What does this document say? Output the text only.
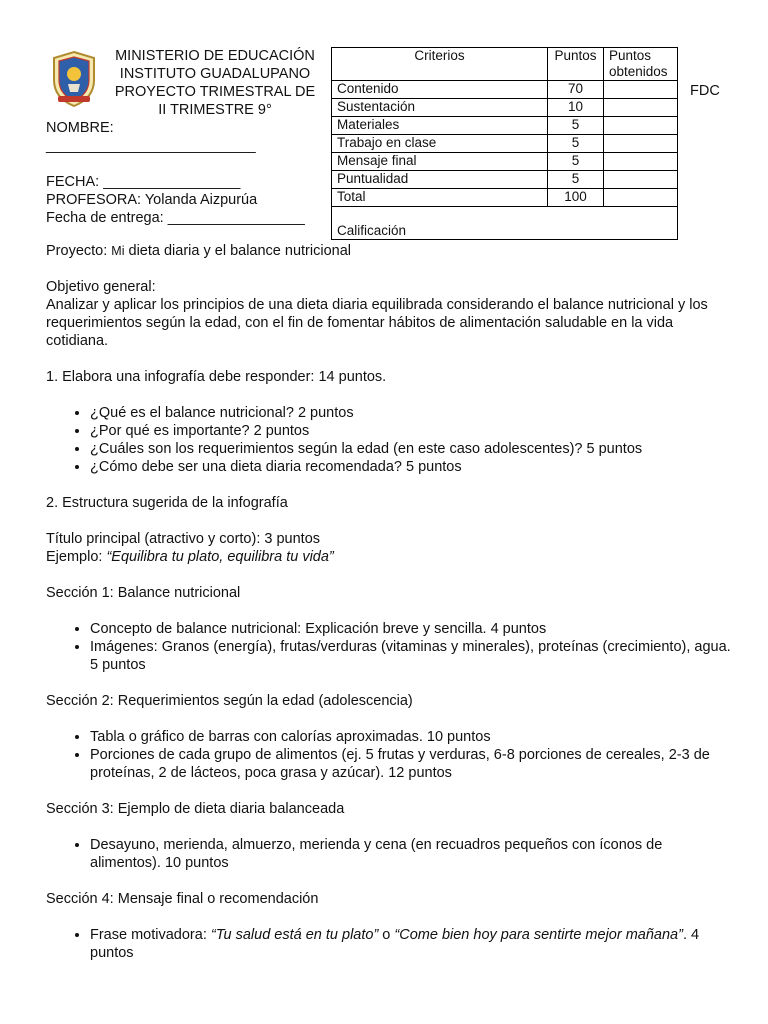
MINISTERIO DE EDUCACIÓN
INSTITUTO GUADALUPANO
PROYECTO TRIMESTRAL DE
II TRIMESTRE 9°
NOMBRE:
__________________________
FECHA: _________________
PROFESORA: Yolanda Aizpurúa
Fecha de entrega: _________________
Criterios	Puntos	Puntos obtenidos
Contenido	70	
Sustentación	10	
Materiales	5	
Trabajo en clase	5	
Mensaje final	5	
Puntualidad	5	
Total	100	
Calificación		
FDC

Proyecto: Mi dieta diaria y el balance nutricional

Objetivo general:

Analizar y aplicar los principios de una dieta diaria equilibrada considerando el balance nutricional y los requerimientos según la edad, con el fin de fomentar hábitos de alimentación saludable en la vida cotidiana.

1. Elabora una infografía debe responder: 14 puntos.

• ¿Qué es el balance nutricional? 2 puntos
• ¿Por qué es importante? 2 puntos
• ¿Cuáles son los requerimientos según la edad (en este caso adolescentes)? 5 puntos
• ¿Cómo debe ser una dieta diaria recomendada? 5 puntos

2. Estructura sugerida de la infografía

Título principal (atractivo y corto): 3 puntos

Ejemplo: “Equilibra tu plato, equilibra tu vida”

Sección 1: Balance nutricional

• Concepto de balance nutricional: Explicación breve y sencilla. 4 puntos
• Imágenes: Granos (energía), frutas/verduras (vitaminas y minerales), proteínas (crecimiento), agua. 5 puntos

Sección 2: Requerimientos según la edad (adolescencia)

• Tabla o gráfico de barras con calorías aproximadas. 10 puntos
• Porciones de cada grupo de alimentos (ej. 5 frutas y verduras, 6-8 porciones de cereales, 2-3 de proteínas, 2 de lácteos, poca grasa y azúcar). 12 puntos

Sección 3: Ejemplo de dieta diaria balanceada

• Desayuno, merienda, almuerzo, merienda y cena (en recuadros pequeños con íconos de alimentos). 10 puntos

Sección 4: Mensaje final o recomendación

• Frase motivadora: “Tu salud está en tu plato” o “Come bien hoy para sentirte mejor mañana”. 4 puntos
